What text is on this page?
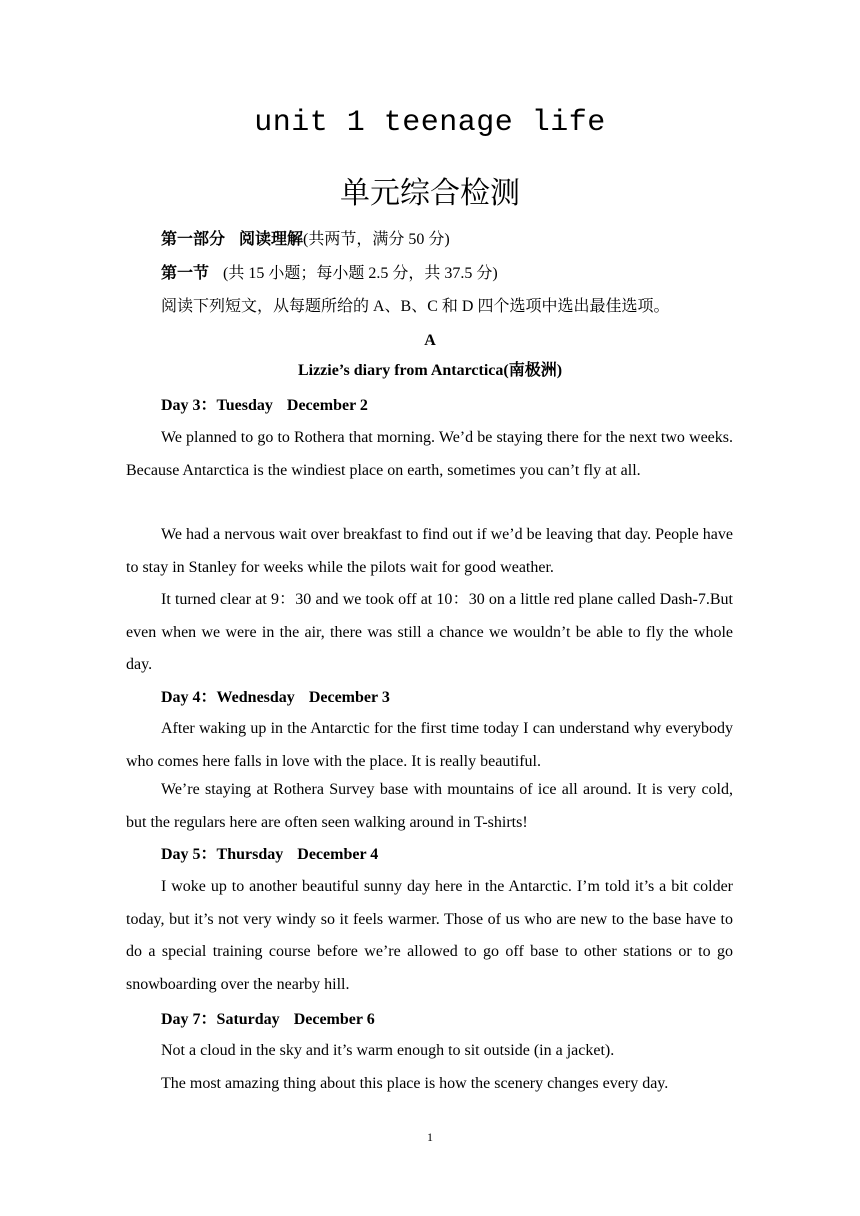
unit 1 teenage life
单元综合检测
第一部分 阅读理解(共两节，满分 50 分)
第一节 (共 15 小题；每小题 2.5 分，共 37.5 分)
阅读下列短文，从每题所给的 A、B、C 和 D 四个选项中选出最佳选项。
A
Lizzie’s diary from Antarctica(南极洲)
Day 3：Tuesday December 2
We planned to go to Rothera that morning. We’d be staying there for the next two weeks. Because Antarctica is the windiest place on earth, sometimes you can’t fly at all.
We had a nervous wait over breakfast to find out if we’d be leaving that day. People have to stay in Stanley for weeks while the pilots wait for good weather.
It turned clear at 9：30 and we took off at 10：30 on a little red plane called Dash-7.But even when we were in the air, there was still a chance we wouldn’t be able to fly the whole day.
Day 4：Wednesday December 3
After waking up in the Antarctic for the first time today I can understand why everybody who comes here falls in love with the place. It is really beautiful.
We’re staying at Rothera Survey base with mountains of ice all around. It is very cold, but the regulars here are often seen walking around in T-shirts!
Day 5：Thursday December 4
I woke up to another beautiful sunny day here in the Antarctic. I’m told it’s a bit colder today, but it’s not very windy so it feels warmer. Those of us who are new to the base have to do a special training course before we’re allowed to go off base to other stations or to go snowboarding over the nearby hill.
Day 7：Saturday December 6
Not a cloud in the sky and it’s warm enough to sit outside (in a jacket).
The most amazing thing about this place is how the scenery changes every day.
1
